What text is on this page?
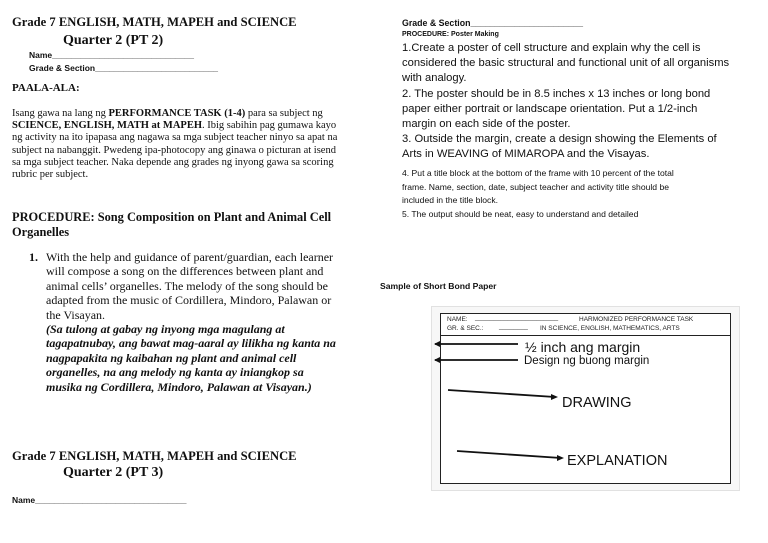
Grade 7 ENGLISH, MATH, MAPEH and SCIENCE
Quarter 2 (PT 2)
Name______________________________
Grade & Section__________________________
PAALA-ALA:
Isang gawa na lang ng PERFORMANCE TASK (1-4) para sa subject ng
SCIENCE, ENGLISH, MATH at MAPEH. Ibig sabihin pag gumawa kayo
ng activity na ito ipapasa ang nagawa sa mga subject teacher ninyo sa apat na
subject na nabanggit. Pwedeng ipa-photocopy ang ginawa o picturan at isend
sa mga subject teacher. Naka depende ang grades ng inyong gawa sa scoring
rubric per subject.
PROCEDURE: Song Composition on Plant and Animal Cell
Organelles
1. With the help and guidance of parent/guardian, each learner
will compose a song on the differences between plant and
animal cells’ organelles. The melody of the song should be
adapted from the music of Cordillera, Mindoro, Palawan or
the Visayan.
(Sa tulong at gabay ng inyong mga magulang at
tagapatnubay, ang bawat mag-aaral ay lilikha ng kanta na
nagpapakita ng kaibahan ng plant and animal cell
organelles, na ang melody ng kanta ay iniangkop sa
musika ng Cordillera, Mindoro, Palawan at Visayan.)
Grade 7 ENGLISH, MATH, MAPEH and SCIENCE
Quarter 2 (PT 3)
Name________________________________
Grade & Section_______________________
PROCEDURE: Poster Making
1.Create a poster of cell structure and explain why the cell is
considered the basic structural and functional unit of all organisms
with analogy.
2. The poster should be in 8.5 inches x 13 inches or long bond
paper either portrait or landscape orientation. Put a 1/2-inch
margin on each side of the poster.
3. Outside the margin, create a design showing the Elements of
Arts in WEAVING of MIMAROPA and the Visayas.
4. Put a title block at the bottom of the frame with 10 percent of the total
frame. Name, section, date, subject teacher and activity title should be
included in the title block.
5. The output should be neat, easy to understand and detailed
Sample of Short Bond Paper
NAME: _______________________	HARMONIZED PERFORMANCE TASK
GR. & SEC.: ________ IN SCIENCE, ENGLISH, MATHEMATICS, ARTS
½ inch ang margin
Design ng buong margin
DRAWING
EXPLANATION
